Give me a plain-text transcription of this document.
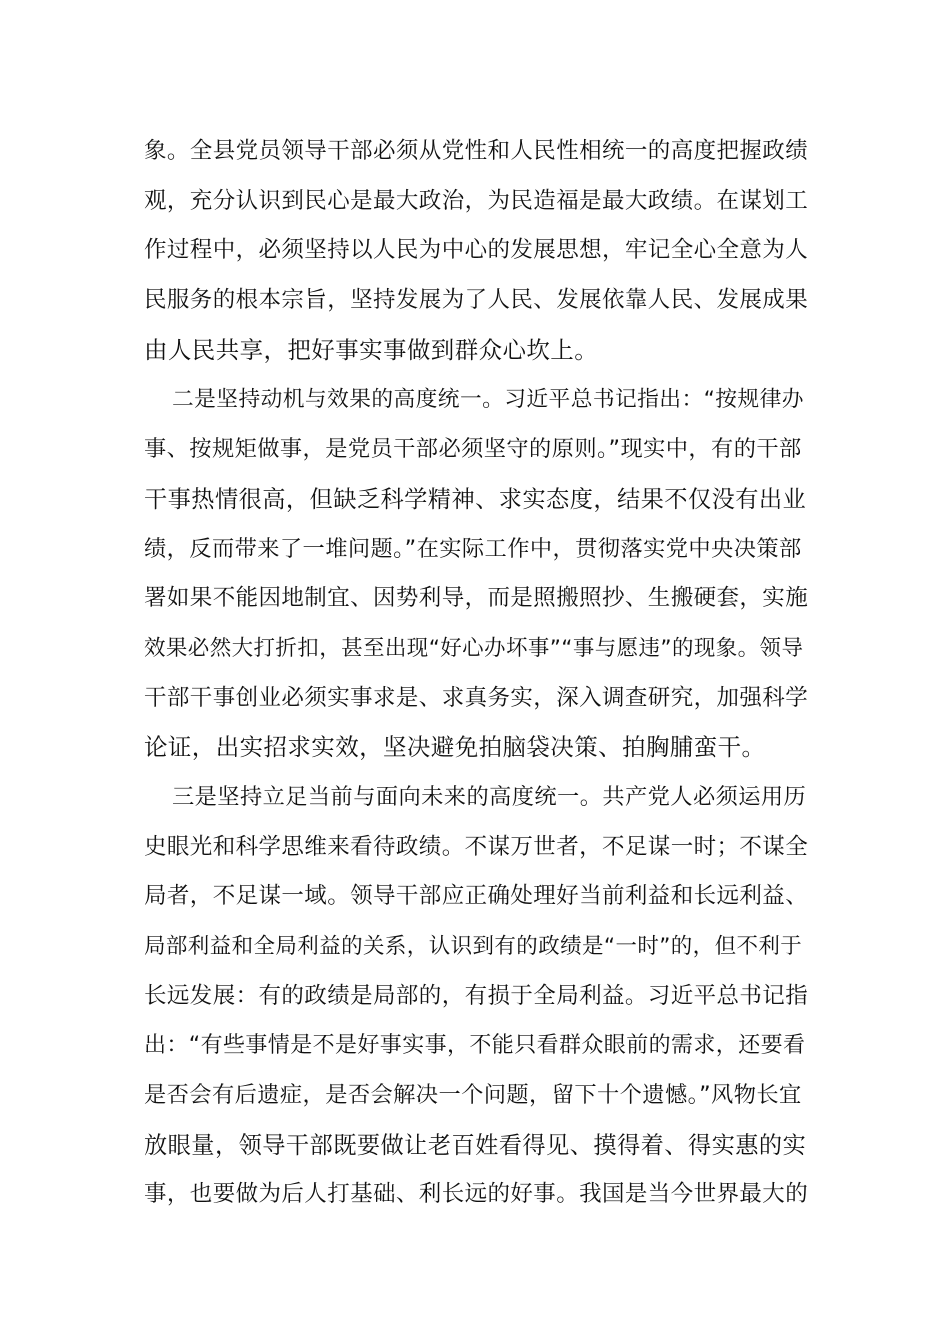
象。全县党员领导干部必须从党性和人民性相统一的高度把握政绩
观，充分认识到民心是最大政治，为民造福是最大政绩。在谋划工
作过程中，必须坚持以人民为中心的发展思想，牢记全心全意为人
民服务的根本宗旨，坚持发展为了人民、发展依靠人民、发展成果
由人民共享，把好事实事做到群众心坎上。
二是坚持动机与效果的高度统一。习近平总书记指出：“按规律办
事、按规矩做事，是党员干部必须坚守的原则。”现实中，有的干部
干事热情很高，但缺乏科学精神、求实态度，结果不仅没有出业
绩，反而带来了一堆问题。”在实际工作中，贯彻落实党中央决策部
署如果不能因地制宜、因势利导，而是照搬照抄、生搬硬套，实施
效果必然大打折扣，甚至出现“好心办坏事”“事与愿违”的现象。领导
干部干事创业必须实事求是、求真务实，深入调查研究，加强科学
论证，出实招求实效，坚决避免拍脑袋决策、拍胸脯蛮干。
三是坚持立足当前与面向未来的高度统一。共产党人必须运用历
史眼光和科学思维来看待政绩。不谋万世者，不足谋一时；不谋全
局者，不足谋一域。领导干部应正确处理好当前利益和长远利益、
局部利益和全局利益的关系，认识到有的政绩是“一时”的，但不利于
长远发展：有的政绩是局部的，有损于全局利益。习近平总书记指
出：“有些事情是不是好事实事，不能只看群众眼前的需求，还要看
是否会有后遗症，是否会解决一个问题，留下十个遗憾。”风物长宜
放眼量，领导干部既要做让老百姓看得见、摸得着、得实惠的实
事，也要做为后人打基础、利长远的好事。我国是当今世界最大的
